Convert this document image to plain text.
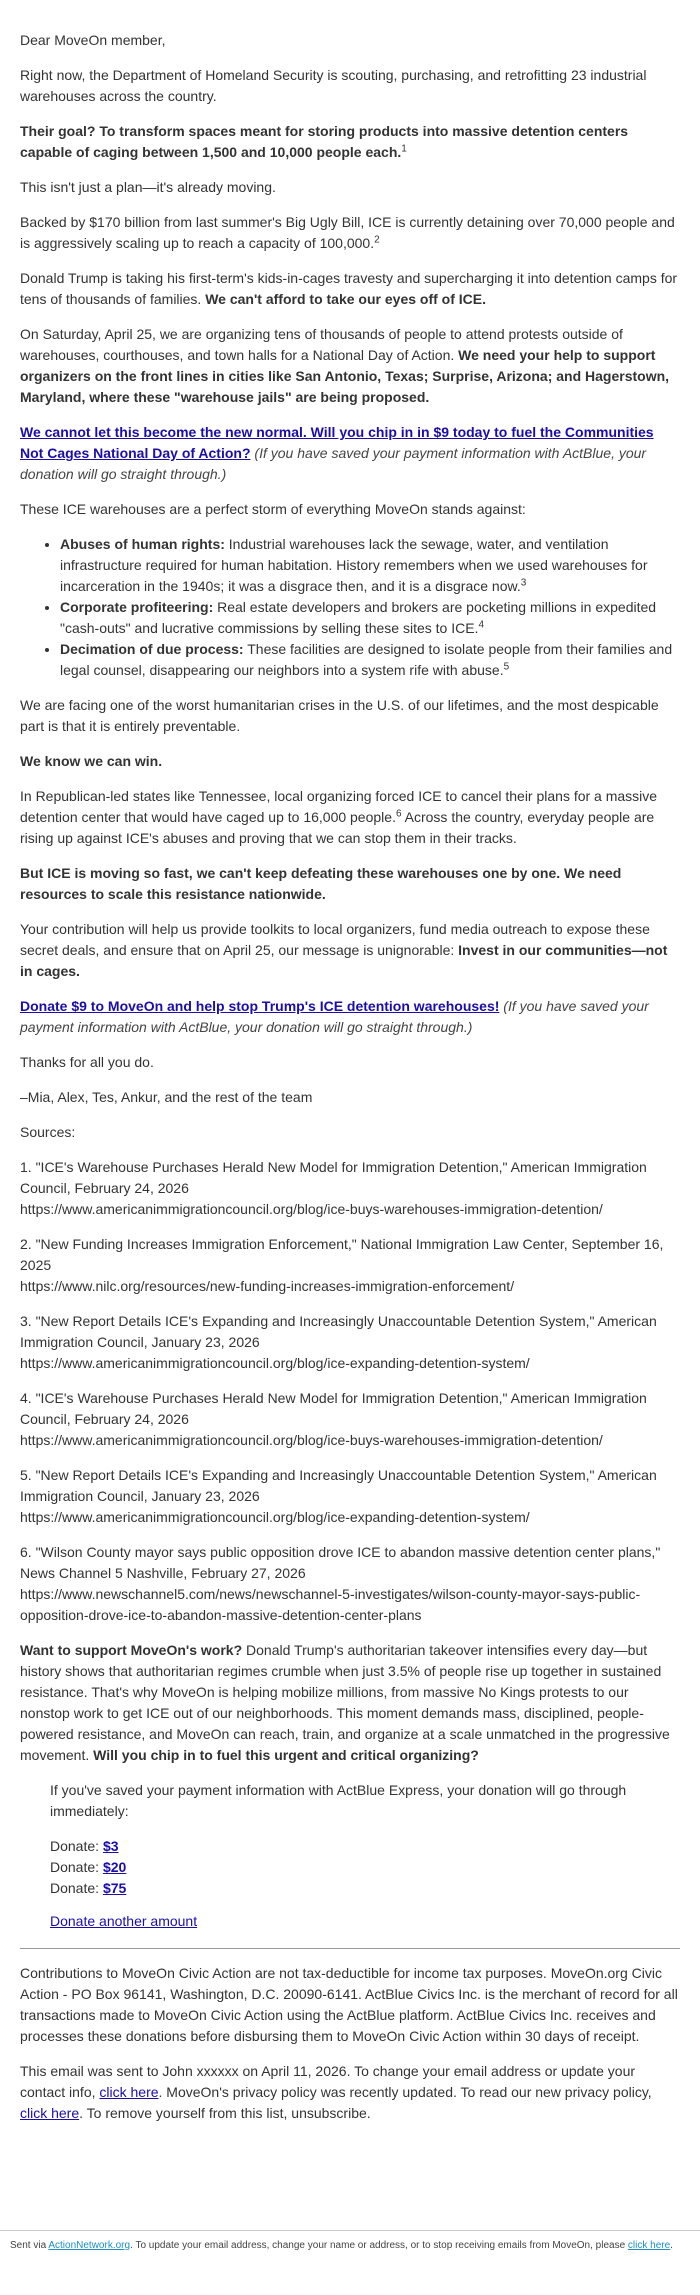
Dear MoveOn member,

Right now, the Department of Homeland Security is scouting, purchasing, and retrofitting 23 industrial warehouses across the country.

Their goal? To transform spaces meant for storing products into massive detention centers capable of caging between 1,500 and 10,000 people each.$^1$

This isn't just a plan—it's already moving.

Backed by $170 billion from last summer's Big Ugly Bill, ICE is currently detaining over 70,000 people and is aggressively scaling up to reach a capacity of 100,000.$^2$

Donald Trump is taking his first-term's kids-in-cages travesty and supercharging it into detention camps for tens of thousands of families. We can't afford to take our eyes off of ICE.

On Saturday, April 25, we are organizing tens of thousands of people to attend protests outside of warehouses, courthouses, and town halls for a National Day of Action. We need your help to support organizers on the front lines in cities like San Antonio, Texas; Surprise, Arizona; and Hagerstown, Maryland, where these "warehouse jails" are being proposed.

We cannot let this become the new normal. Will you chip in in $9 today to fuel the Communities Not Cages National Day of Action? (If you have saved your payment information with ActBlue, your donation will go straight through.)

These ICE warehouses are a perfect storm of everything MoveOn stands against:

• Abuses of human rights: Industrial warehouses lack the sewage, water, and ventilation infrastructure required for human habitation. History remembers when we used warehouses for incarceration in the 1940s; it was a disgrace then, and it is a disgrace now.$^3$
• Corporate profiteering: Real estate developers and brokers are pocketing millions in expedited "cash-outs" and lucrative commissions by selling these sites to ICE.$^4$
• Decimation of due process: These facilities are designed to isolate people from their families and legal counsel, disappearing our neighbors into a system rife with abuse.$^5$

We are facing one of the worst humanitarian crises in the U.S. of our lifetimes, and the most despicable part is that it is entirely preventable.

We know we can win.

In Republican-led states like Tennessee, local organizing forced ICE to cancel their plans for a massive detention center that would have caged up to 16,000 people.$^6$ Across the country, everyday people are rising up against ICE's abuses and proving that we can stop them in their tracks.

But ICE is moving so fast, we can't keep defeating these warehouses one by one. We need resources to scale this resistance nationwide.

Your contribution will help us provide toolkits to local organizers, fund media outreach to expose these secret deals, and ensure that on April 25, our message is unignorable: Invest in our communities—not in cages.

Donate $9 to MoveOn and help stop Trump's ICE detention warehouses! (If you have saved your payment information with ActBlue, your donation will go straight through.)

Thanks for all you do.

–Mia, Alex, Tes, Ankur, and the rest of the team

Sources:

1. "ICE's Warehouse Purchases Herald New Model for Immigration Detention," American Immigration Council, February 24, 2026
https://www.americanimmigrationcouncil.org/blog/ice-buys-warehouses-immigration-detention/
2. "New Funding Increases Immigration Enforcement," National Immigration Law Center, September 16, 2025
https://www.nilc.org/resources/new-funding-increases-immigration-enforcement/
3. "New Report Details ICE's Expanding and Increasingly Unaccountable Detention System," American Immigration Council, January 23, 2026
https://www.americanimmigrationcouncil.org/blog/ice-expanding-detention-system/
4. "ICE's Warehouse Purchases Herald New Model for Immigration Detention," American Immigration Council, February 24, 2026
https://www.americanimmigrationcouncil.org/blog/ice-buys-warehouses-immigration-detention/
5. "New Report Details ICE's Expanding and Increasingly Unaccountable Detention System," American Immigration Council, January 23, 2026
https://www.americanimmigrationcouncil.org/blog/ice-expanding-detention-system/
6. "Wilson County mayor says public opposition drove ICE to abandon massive detention center plans," News Channel 5 Nashville, February 27, 2026
https://www.newschannel5.com/news/newschannel-5-investigates/wilson-county-mayor-says-public-opposition-drove-ice-to-abandon-massive-detention-center-plans

Want to support MoveOn's work? Donald Trump's authoritarian takeover intensifies every day—but history shows that authoritarian regimes crumble when just 3.5% of people rise up together in sustained resistance. That's why MoveOn is helping mobilize millions, from massive No Kings protests to our nonstop work to get ICE out of our neighborhoods. This moment demands mass, disciplined, people-powered resistance, and MoveOn can reach, train, and organize at a scale unmatched in the progressive movement. Will you chip in to fuel this urgent and critical organizing?

If you've saved your payment information with ActBlue Express, your donation will go through immediately:

Donate: $3

Donate: $20

Donate: $75

Donate another amount

Contributions to MoveOn Civic Action are not tax-deductible for income tax purposes. MoveOn.org Civic Action - PO Box 96141, Washington, D.C. 20090-6141. ActBlue Civics Inc. is the merchant of record for all transactions made to MoveOn Civic Action using the ActBlue platform. ActBlue Civics Inc. receives and processes these donations before disbursing them to MoveOn Civic Action within 30 days of receipt.

This email was sent to John xxxxxx on April 11, 2026. To change your email address or update your contact info, click here. MoveOn's privacy policy was recently updated. To read our new privacy policy, click here. To remove yourself from this list, unsubscribe.

Sent via ActionNetwork.org. To update your email address, change your name or address, or to stop receiving emails from MoveOn, please click here.
